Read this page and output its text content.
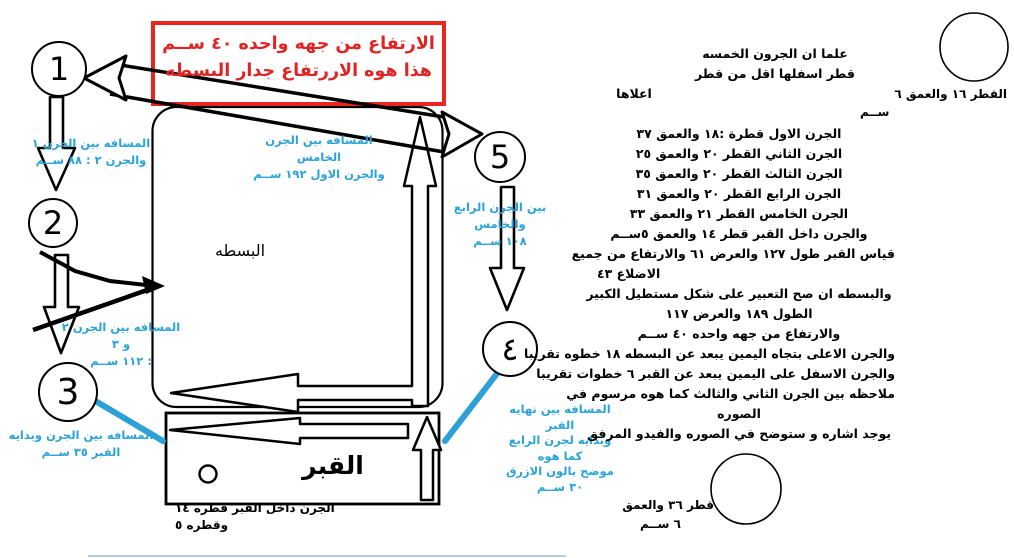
الارتفاع من جهه واحده ٤٠ ســم
هذا هوه الاررتفاع جدار البسطه
1
2
3
٤
5
المسافه بين الجرن ١
والجرن ٢ : ٨٨ ســم
المسافه بين الجرن ٢ و ٣
: ١١٢ ســم
المسافه بين الجرن وبدايه
القبر ٣٥ ســم
المسافه بين الجرن الخامس
والجرن الاول ١٩٢ ســم
بين الجرن الرابع والخامس
١٠٨ ســم
المسافه بين نهايه القبر
وبدايه لجرن الرابع كما هوه
موضح بالون الازرق
٣٠ ســم
البسطه
القبر
الجرن داخل القبر قطره ١٤
وقطره ٥
علما ان الجرون الخمسه
قطر اسفلها اقل من قطر
اعلاها	القطر ١٦ والعمق ٦
ســم
الجرن الاول قطرة :١٨ والعمق ٣٧
الجرن الثاني القطر ٢٠ والعمق ٢٥
الجرن الثالث القطر ٢٠ والعمق ٣٥
الجرن الرابع القطر ٢٠ والعمق ٣١
الجرن الخامس القطر ٢١ والعمق ٣٣
والجرن داخل القبر قطر ١٤ والعمق ٥ســم
قياس القبر طول ١٢٧ والعرض ٦١ والارتفاع من جميع
الاضلاع ٤٣
والبسطه ان صح التعبير على شكل مستطيل الكبير
الطول ١٨٩ والعرض ١١٧
والارتفاع من جهه واحده ٤٠ ســم
والجرن الاعلى بتجاه اليمين يبعد عن البسطه ١٨ خطوه تقريبا
والجرن الاسفل على اليمين يبعد عن القبر ٦ خطوات تقريبا
ملاحظه بين الجرن الثاني والثالث كما هوه مرسوم في
الصوره
يوجد اشاره و ستوضح في الصوره والفيدو المرفق
قطر ٣٦ والعمق
٦ ســم
